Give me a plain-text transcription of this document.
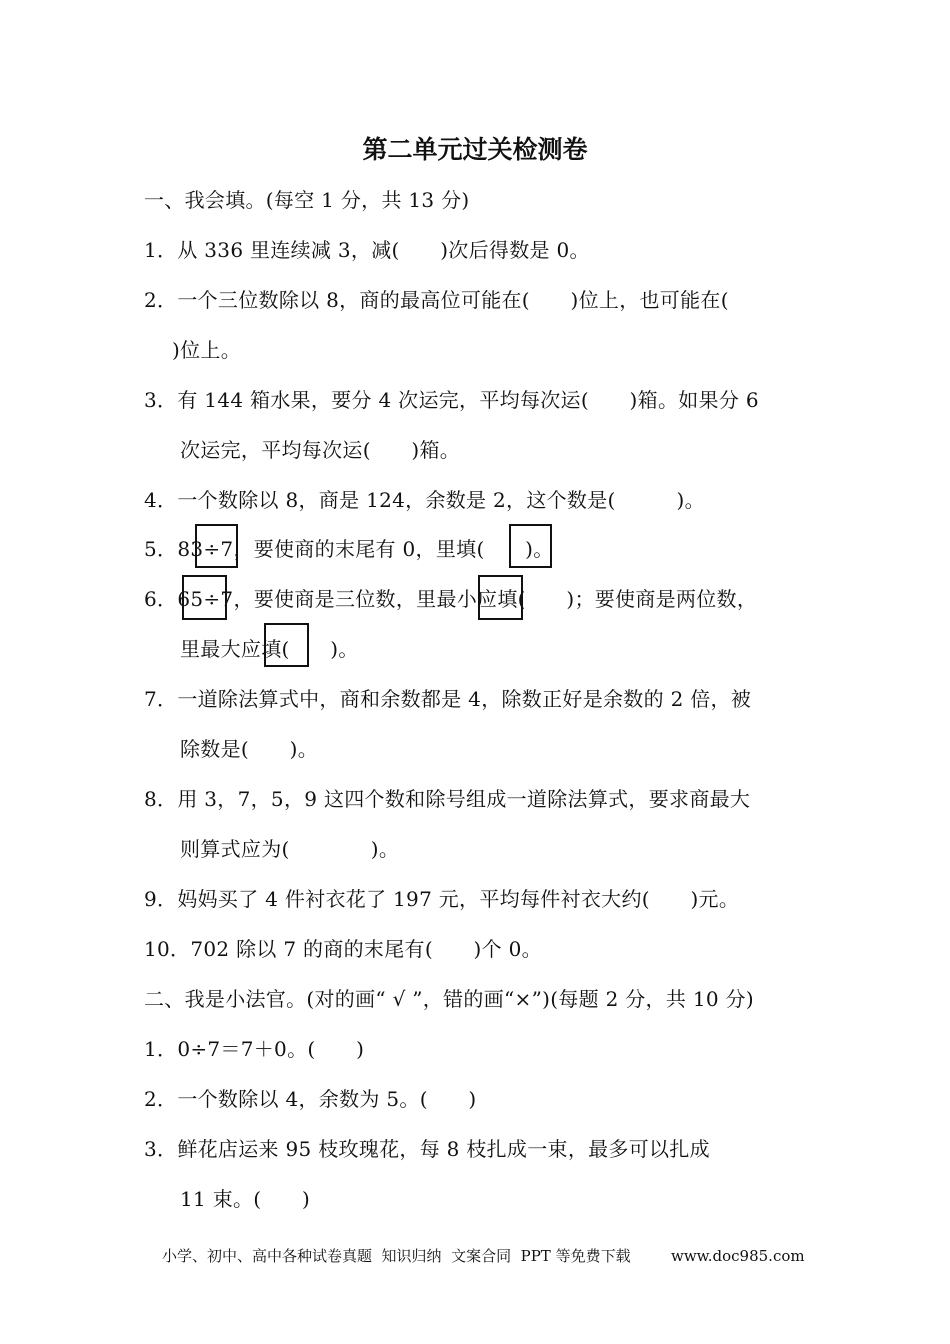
第二单元过关检测卷
一、我会填。(每空 1 分，共 13 分)
1．从 336 里连续减 3，减(　　)次后得数是 0。
2．一个三位数除以 8，商的最高位可能在(　　)位上，也可能在(
)位上。
3．有 144 箱水果，要分 4 次运完，平均每次运(　　)箱。如果分 6
次运完，平均每次运(　　)箱。
4．一个数除以 8，商是 124，余数是 2，这个数是(　　　)。
5．83÷7，要使商的末尾有 0，里填(　　)。
6．65÷7，要使商是三位数，里最小应填(　　)；要使商是两位数，
里最大应填(　　)。
7．一道除法算式中，商和余数都是 4，除数正好是余数的 2 倍，被
除数是(　　)。
8．用 3，7，5，9 这四个数和除号组成一道除法算式，要求商最大
则算式应为(　　　　)。
9．妈妈买了 4 件衬衣花了 197 元，平均每件衬衣大约(　　)元。
10．702 除以 7 的商的末尾有(　　)个 0。
二、我是小法官。(对的画“ √ ”，错的画“×”)(每题 2 分，共 10 分)
1．0÷7＝7＋0。(　　)
2．一个数除以 4，余数为 5。(　　)
3．鲜花店运来 95 枝玫瑰花，每 8 枝扎成一束，最多可以扎成
11 束。(　　)
小学、初中、高中各种试卷真题  知识归纳  文案合同  PPT 等免费下载	www.doc985.com
